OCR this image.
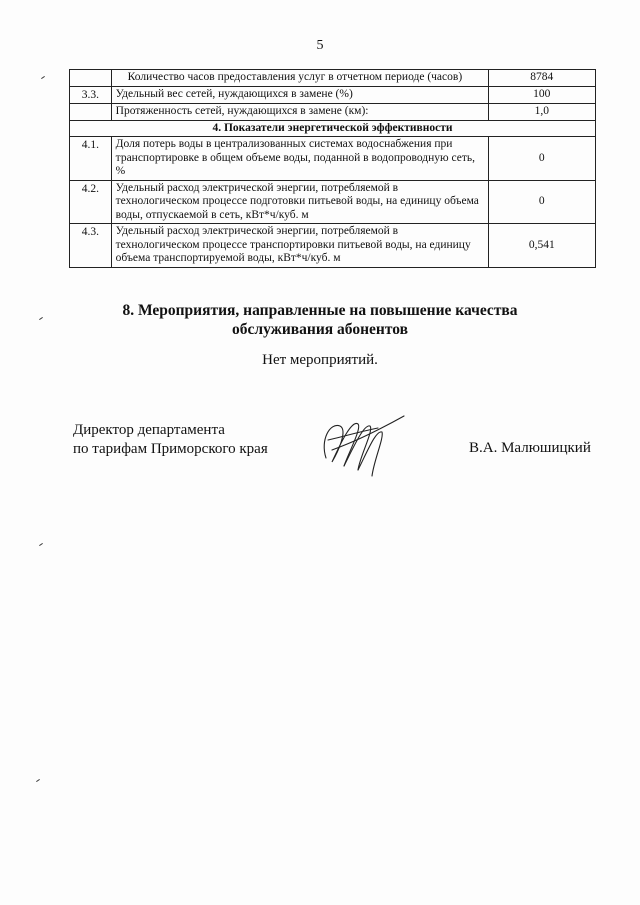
5
	Количество часов предоставления услуг в отчетном периоде (часов)	8784
3.3.	Удельный вес сетей, нуждающихся в замене (%)	100
	Протяженность сетей, нуждающихся в замене (км):	1,0
4. Показатели энергетической эффективности		
4.1.	Доля потерь воды в централизованных системах водоснабжения при транспортировке в общем объеме воды, поданной в водопроводную сеть, %	0
4.2.	Удельный расход электрической энергии, потребляемой в технологическом процессе подготовки питьевой воды, на единицу объема воды, отпускаемой в сеть, кВт*ч/куб. м	0
4.3.	Удельный расход электрической энергии, потребляемой в технологическом процессе транспортировки питьевой воды, на единицу объема транспортируемой воды, кВт*ч/куб. м	0,541
8. Мероприятия, направленные на повышение качества
обслуживания абонентов
Нет мероприятий.
Директор департамента
по тарифам Приморского края	В.А. Малюшицкий
